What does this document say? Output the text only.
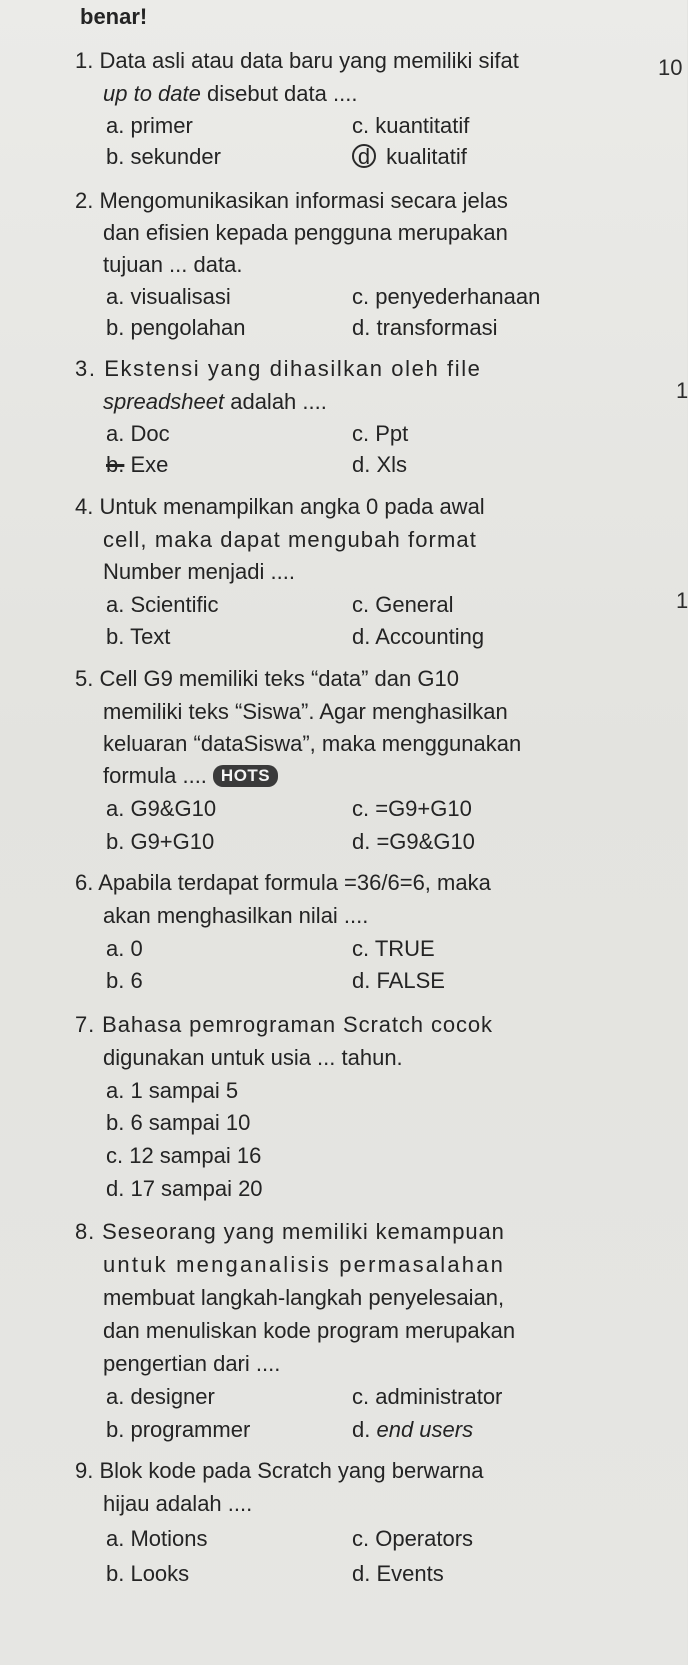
benar!
10
1
1
1. Data asli atau data baru yang memiliki sifat
up to date disebut data ....
a. primer
b. sekunder
c. kuantitatif
d kualitatif
2. Mengomunikasikan informasi secara jelas
dan efisien kepada pengguna merupakan
tujuan ... data.
a. visualisasi
b. pengolahan
c. penyederhanaan
d. transformasi
3. Ekstensi yang dihasilkan oleh file
spreadsheet adalah ....
a. Doc
b. Exe
c. Ppt
d. Xls
4. Untuk menampilkan angka 0 pada awal
cell, maka dapat mengubah format
Number menjadi ....
a. Scientific
b. Text
c. General
d. Accounting
5. Cell G9 memiliki teks “data” dan G10
memiliki teks “Siswa”. Agar menghasilkan
keluaran “dataSiswa”, maka menggunakan
formula .... HOTS
a. G9&G10
b. G9+G10
c. =G9+G10
d. =G9&G10
6. Apabila terdapat formula =36/6=6, maka
akan menghasilkan nilai ....
a. 0
b. 6
c. TRUE
d. FALSE
7. Bahasa pemrograman Scratch cocok
digunakan untuk usia ... tahun.
a. 1 sampai 5
b. 6 sampai 10
c. 12 sampai 16
d. 17 sampai 20
8. Seseorang yang memiliki kemampuan
untuk menganalisis permasalahan
membuat langkah-langkah penyelesaian,
dan menuliskan kode program merupakan
pengertian dari ....
a. designer
b. programmer
c. administrator
d. end users
9. Blok kode pada Scratch yang berwarna
hijau adalah ....
a. Motions
b. Looks
c. Operators
d. Events
